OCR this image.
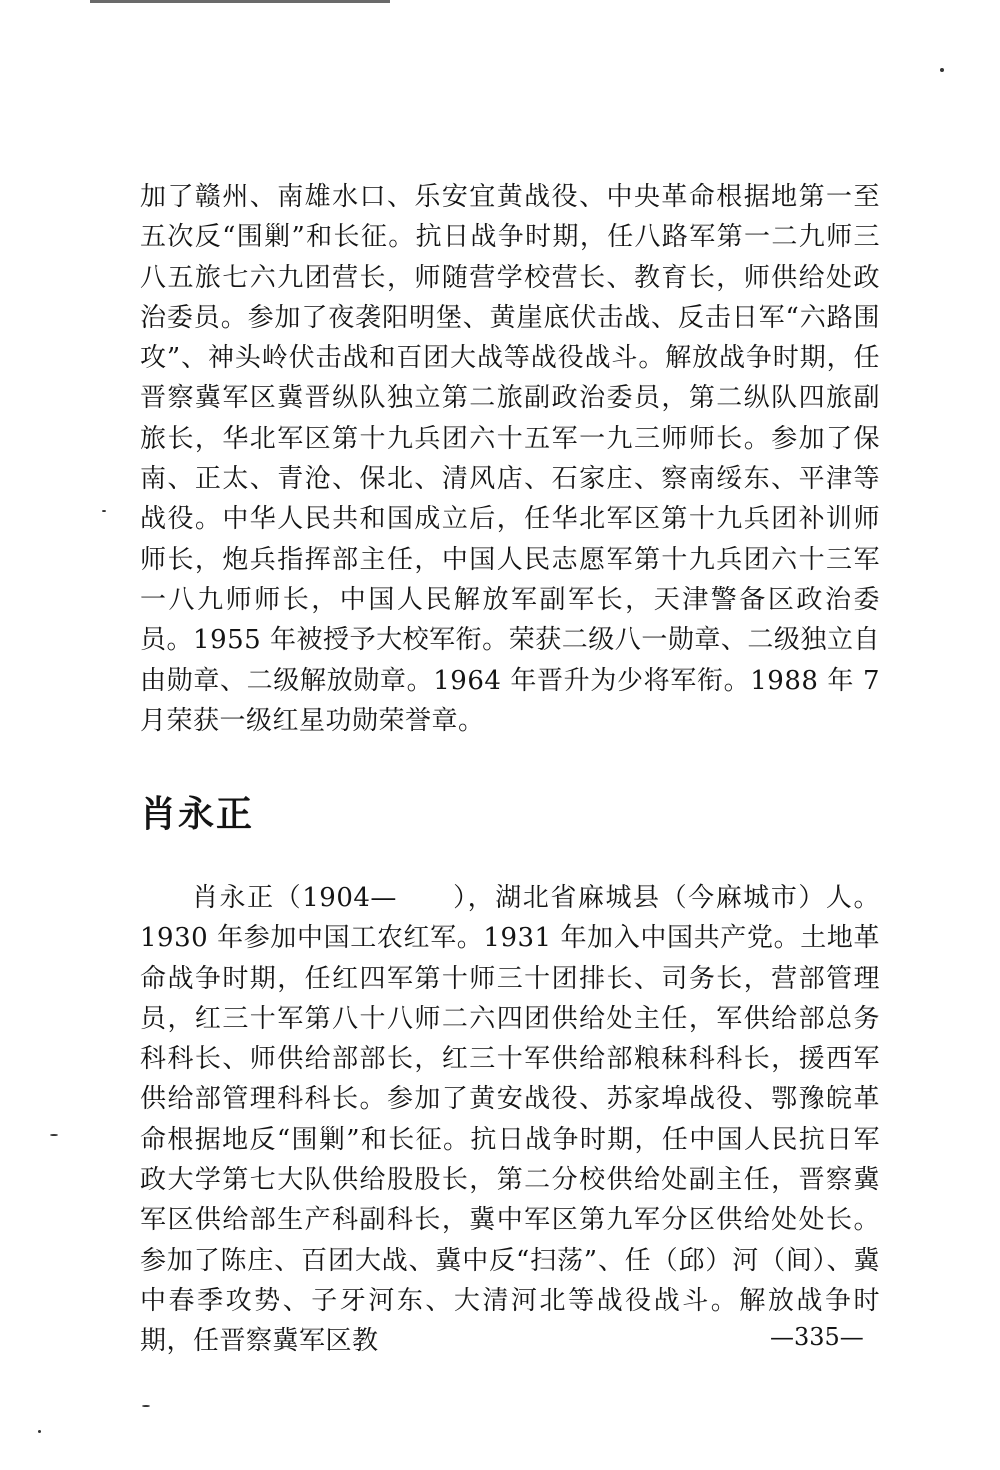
加了赣州、南雄水口、乐安宜黄战役、中央革命根据地第一至五次反“围剿”和长征。抗日战争时期，任八路军第一二九师三八五旅七六九团营长，师随营学校营长、教育长，师供给处政治委员。参加了夜袭阳明堡、黄崖底伏击战、反击日军“六路围攻”、神头岭伏击战和百团大战等战役战斗。解放战争时期，任晋察冀军区冀晋纵队独立第二旅副政治委员，第二纵队四旅副旅长，华北军区第十九兵团六十五军一九三师师长。参加了保南、正太、青沧、保北、清风店、石家庄、察南绥东、平津等战役。中华人民共和国成立后，任华北军区第十九兵团补训师师长，炮兵指挥部主任，中国人民志愿军第十九兵团六十三军一八九师师长，中国人民解放军副军长，天津警备区政治委员。1955 年被授予大校军衔。荣获二级八一勋章、二级独立自由勋章、二级解放勋章。1964 年晋升为少将军衔。1988 年 7 月荣获一级红星功勋荣誉章。

肖永正

肖永正（1904—　　），湖北省麻城县（今麻城市）人。1930 年参加中国工农红军。1931 年加入中国共产党。土地革命战争时期，任红四军第十师三十团排长、司务长，营部管理员，红三十军第八十八师二六四团供给处主任，军供给部总务科科长、师供给部部长，红三十军供给部粮秣科科长，援西军供给部管理科科长。参加了黄安战役、苏家埠战役、鄂豫皖革命根据地反“围剿”和长征。抗日战争时期，任中国人民抗日军政大学第七大队供给股股长，第二分校供给处副主任，晋察冀军区供给部生产科副科长，冀中军区第九军分区供给处处长。参加了陈庄、百团大战、冀中反“扫荡”、任（邱）河（间）、冀中春季攻势、子牙河东、大清河北等战役战斗。解放战争时期，任晋察冀军区教	—335—
